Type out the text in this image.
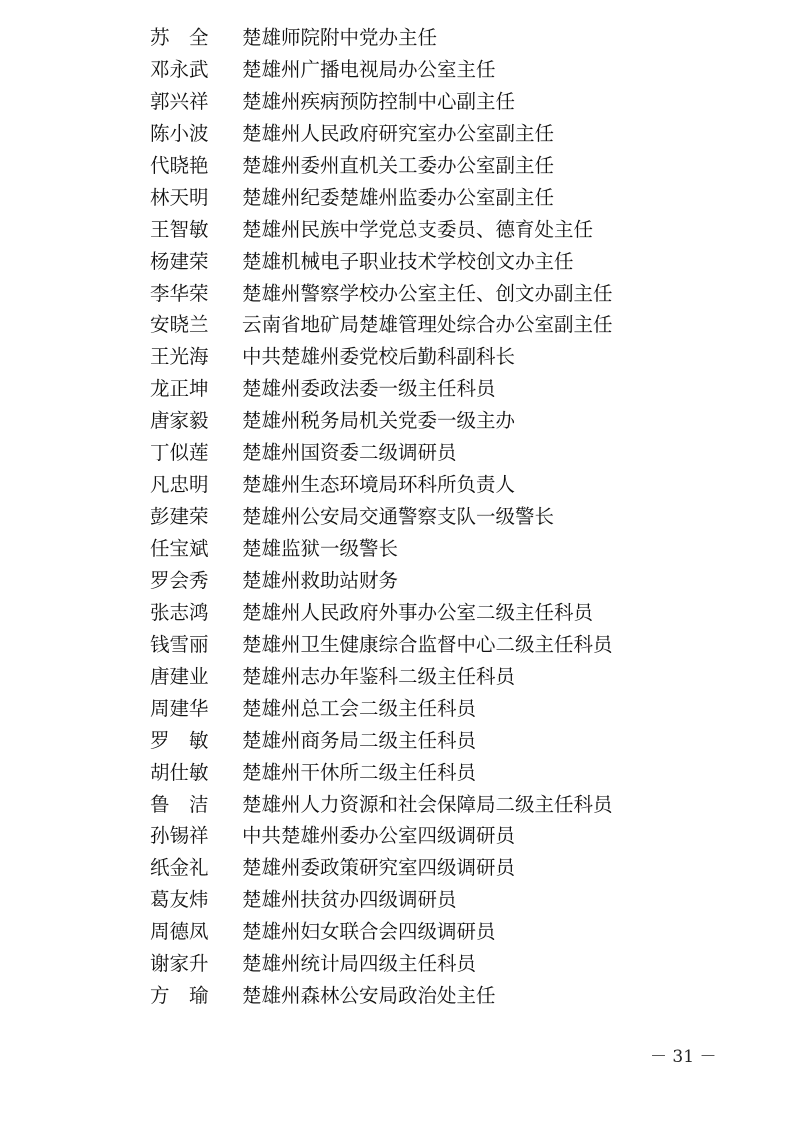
苏　全 楚雄师院附中党办主任
邓永武 楚雄州广播电视局办公室主任
郭兴祥 楚雄州疾病预防控制中心副主任
陈小波 楚雄州人民政府研究室办公室副主任
代晓艳 楚雄州委州直机关工委办公室副主任
林天明 楚雄州纪委楚雄州监委办公室副主任
王智敏 楚雄州民族中学党总支委员、德育处主任
杨建荣 楚雄机械电子职业技术学校创文办主任
李华荣 楚雄州警察学校办公室主任、创文办副主任
安晓兰 云南省地矿局楚雄管理处综合办公室副主任
王光海 中共楚雄州委党校后勤科副科长
龙正坤 楚雄州委政法委一级主任科员
唐家毅 楚雄州税务局机关党委一级主办
丁似莲 楚雄州国资委二级调研员
凡忠明 楚雄州生态环境局环科所负责人
彭建荣 楚雄州公安局交通警察支队一级警长
任宝斌 楚雄监狱一级警长
罗会秀 楚雄州救助站财务
张志鸿 楚雄州人民政府外事办公室二级主任科员
钱雪丽 楚雄州卫生健康综合监督中心二级主任科员
唐建业 楚雄州志办年鉴科二级主任科员
周建华 楚雄州总工会二级主任科员
罗　敏 楚雄州商务局二级主任科员
胡仕敏 楚雄州干休所二级主任科员
鲁　洁 楚雄州人力资源和社会保障局二级主任科员
孙锡祥 中共楚雄州委办公室四级调研员
纸金礼 楚雄州委政策研究室四级调研员
葛友炜 楚雄州扶贫办四级调研员
周德凤 楚雄州妇女联合会四级调研员
谢家升 楚雄州统计局四级主任科员
方　瑜 楚雄州森林公安局政治处主任
－ 31 －
